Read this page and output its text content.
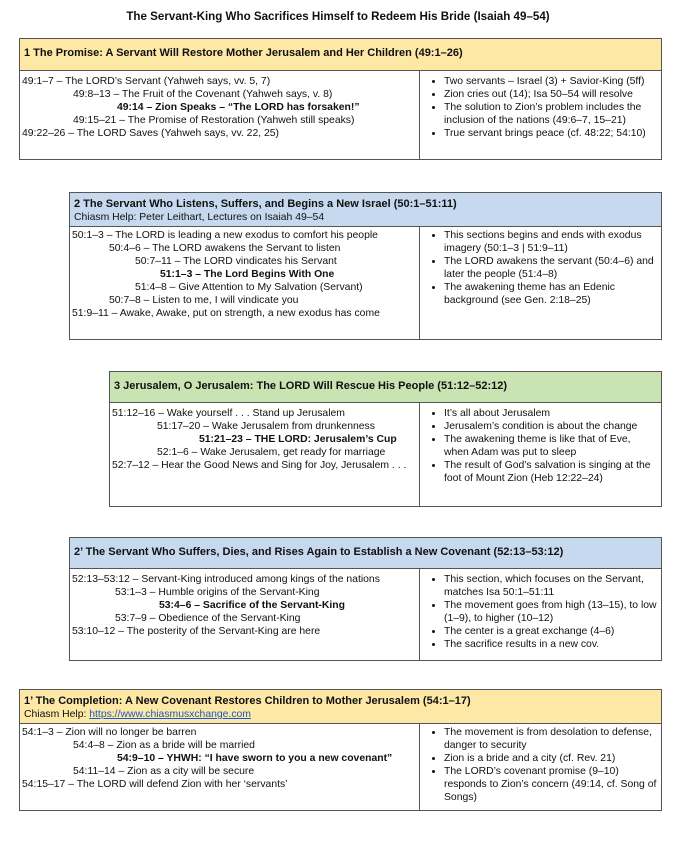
The Servant-King Who Sacrifices Himself to Redeem His Bride (Isaiah 49–54)
1 The Promise: A Servant Will Restore Mother Jerusalem and Her Children (49:1–26)
49:1–7 – The LORD’s Servant (Yahweh says, vv. 5, 7)
49:8–13 – The Fruit of the Covenant (Yahweh says, v. 8)
49:14 – Zion Speaks – “The LORD has forsaken!”
49:15–21 – The Promise of Restoration (Yahweh still speaks)
49:22–26 – The LORD Saves (Yahweh says, vv. 22, 25)
• Two servants – Israel (3) + Savior-King (5ff)
• Zion cries out (14); Isa 50–54 will resolve
• The solution to Zion’s problem includes the inclusion of the nations (49:6–7, 15–21)
• True servant brings peace (cf. 48:22; 54:10)
2 The Servant Who Listens, Suffers, and Begins a New Israel (50:1–51:11)
Chiasm Help: Peter Leithart, Lectures on Isaiah 49–54
50:1–3 – The LORD is leading a new exodus to comfort his people
50:4–6 – The LORD awakens the Servant to listen
50:7–11 – The LORD vindicates his Servant
51:1–3 – The Lord Begins With One
51:4–8 – Give Attention to My Salvation (Servant)
50:7–8 – Listen to me, I will vindicate you
51:9–11 – Awake, Awake, put on strength, a new exodus has come
• This sections begins and ends with exodus imagery (50:1–3 | 51:9–11)
• The LORD awakens the servant (50:4–6) and later the people (51:4–8)
• The awakening theme has an Edenic background (see Gen. 2:18–25)
3 Jerusalem, O Jerusalem: The LORD Will Rescue His People (51:12–52:12)
51:12–16 – Wake yourself . . . Stand up Jerusalem
51:17–20 – Wake Jerusalem from drunkenness
51:21–23 – THE LORD: Jerusalem’s Cup
52:1–6 – Wake Jerusalem, get ready for marriage
52:7–12 – Hear the Good News and Sing for Joy, Jerusalem . . .
• It’s all about Jerusalem
• Jerusalem’s condition is about the change
• The awakening theme is like that of Eve, when Adam was put to sleep
• The result of God’s salvation is singing at the foot of Mount Zion (Heb 12:22–24)
2’ The Servant Who Suffers, Dies, and Rises Again to Establish a New Covenant (52:13–53:12)
52:13–53:12 – Servant-King introduced among kings of the nations
53:1–3 – Humble origins of the Servant-King
53:4–6 – Sacrifice of the Servant-King
53:7–9 – Obedience of the Servant-King
53:10–12 – The posterity of the Servant-King are here
• This section, which focuses on the Servant, matches Isa 50:1–51:11
• The movement goes from high (13–15), to low (1–9), to higher (10–12)
• The center is a great exchange (4–6)
• The sacrifice results in a new cov.
1’ The Completion: A New Covenant Restores Children to Mother Jerusalem (54:1–17)
Chiasm Help: https://www.chiasmusxchange.com
54:1–3 – Zion will no longer be barren
54:4–8 – Zion as a bride will be married
54:9–10 – YHWH: “I have sworn to you a new covenant”
54:11–14 – Zion as a city will be secure
54:15–17 – The LORD will defend Zion with her ‘servants’
• The movement is from desolation to defense, danger to security
• Zion is a bride and a city (cf. Rev. 21)
• The LORD’s covenant promise (9–10) responds to Zion’s concern (49:14, cf. Song of Songs)
